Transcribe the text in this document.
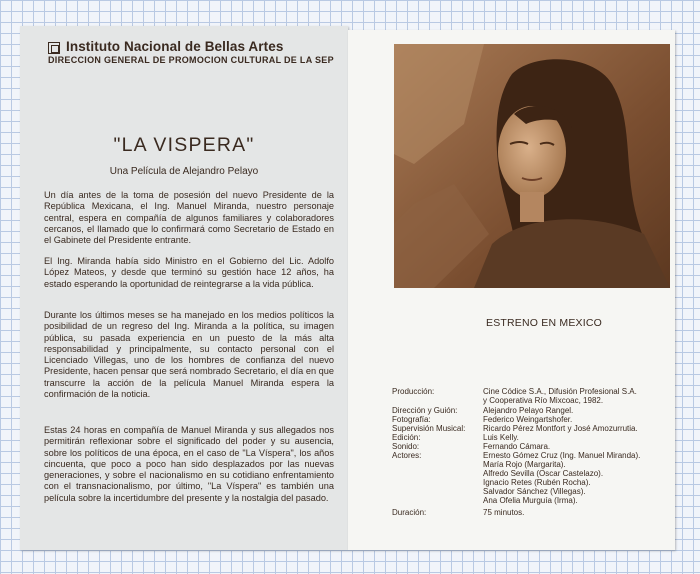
Instituto Nacional de Bellas Artes
DIRECCION GENERAL DE PROMOCION CULTURAL DE LA SEP
"LA VISPERA"
Una Película de Alejandro Pelayo
Un día antes de la toma de posesión del nuevo Presidente de la República Mexicana, el Ing. Manuel Miranda, nuestro personaje central, espera en compañía de algunos familiares y colaboradores cercanos, el llamado que lo confirmará como Secretario de Estado en el Gabinete del Presidente entrante.
El Ing. Miranda había sido Ministro en el Gobierno del Lic. Adolfo López Mateos, y desde que terminó su gestión hace 12 años, ha estado esperando la oportunidad de reintegrarse a la vida pública.
Durante los últimos meses se ha manejado en los medios políticos la posibilidad de un regreso del Ing. Miranda a la política, su imagen pública, su pasada experiencia en un puesto de la más alta responsabilidad y principalmente, su contacto personal con el Licenciado Villegas, uno de los hombres de confianza del nuevo Presidente, hacen pensar que será nombrado Secretario, el día en que transcurre la acción de la película Manuel Miranda espera la confirmación de la noticia.
Estas 24 horas en compañía de Manuel Miranda y sus allegados nos permitirán reflexionar sobre el significado del poder y su ausencia, sobre los políticos de una época, en el caso de "La Víspera", los años cincuenta, que poco a poco han sido desplazados por las nuevas generaciones, y sobre el nacionalismo en su cotidiano enfrentamiento con el transnacionalismo, por último, "La Víspera" es también una película sobre la incertidumbre del presente y la nostalgia del pasado.
ESTRENO EN MEXICO
Producción:	Cine Códice S.A., Difusión Profesional S.A.
y Cooperativa Río Mixcoac, 1982.
Dirección y Guión:	Alejandro Pelayo Rangel.
Fotografía:	Federico Weingartshofer.
Supervisión Musical: Ricardo Pérez Montfort y José Amozurrutia.
Edición:	Luis Kelly.
Sonido:	Fernando Cámara.
Actores:	Ernesto Gómez Cruz (Ing. Manuel Miranda).
María Rojo (Margarita).
Alfredo Sevilla (Oscar Castelazo).
Ignacio Retes (Rubén Rocha).
Salvador Sánchez (Villegas).
Ana Ofelia Murguía (Irma).
Duración:	75 minutos.
